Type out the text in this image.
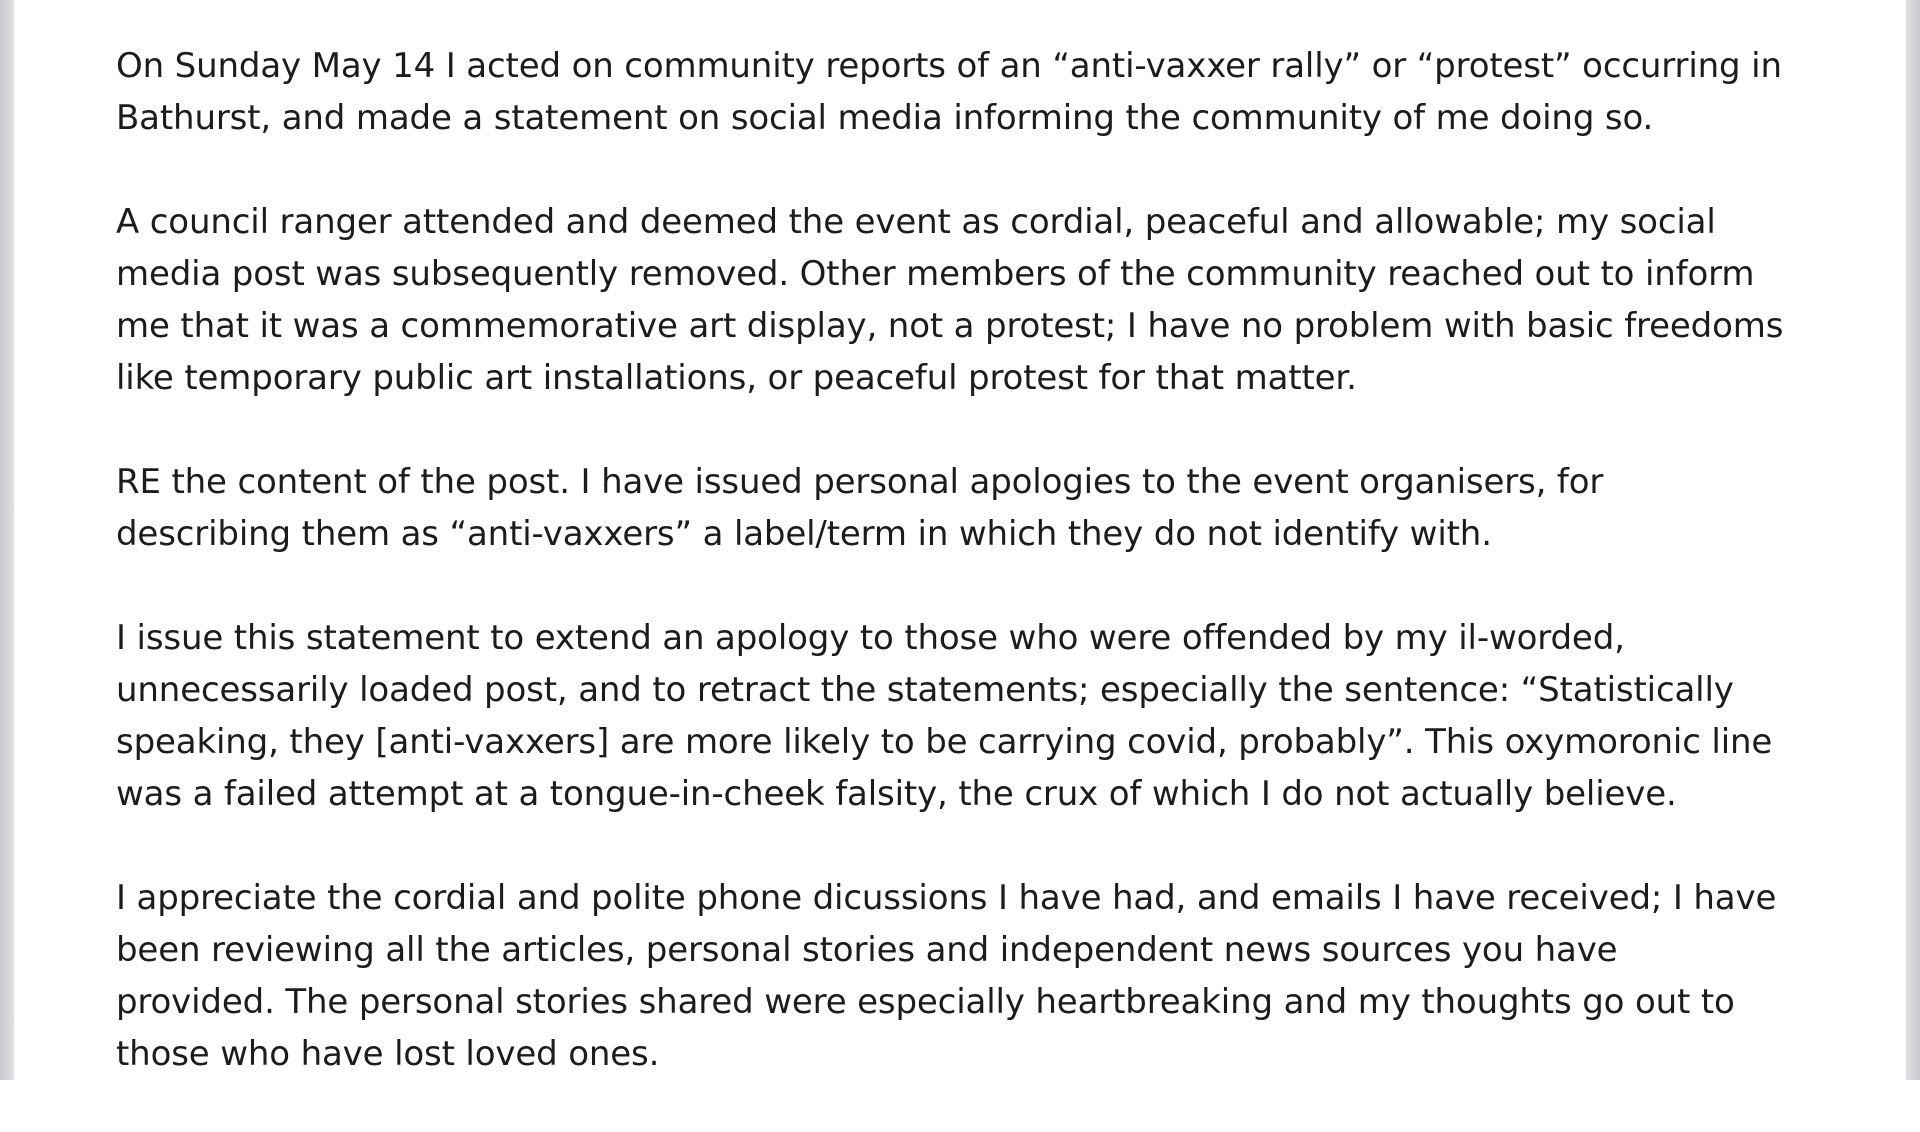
On Sunday May 14 I acted on community reports of an “anti-vaxxer rally” or “protest” occurring in
Bathurst, and made a statement on social media informing the community of me doing so.

A council ranger attended and deemed the event as cordial, peaceful and allowable; my social
media post was subsequently removed. Other members of the community reached out to inform
me that it was a commemorative art display, not a protest; I have no problem with basic freedoms
like temporary public art installations, or peaceful protest for that matter.

RE the content of the post. I have issued personal apologies to the event organisers, for
describing them as “anti-vaxxers” a label/term in which they do not identify with.

I issue this statement to extend an apology to those who were offended by my il-worded,
unnecessarily loaded post, and to retract the statements; especially the sentence: “Statistically
speaking, they [anti-vaxxers] are more likely to be carrying covid, probably”. This oxymoronic line
was a failed attempt at a tongue-in-cheek falsity, the crux of which I do not actually believe.

I appreciate the cordial and polite phone dicussions I have had, and emails I have received; I have
been reviewing all the articles, personal stories and independent news sources you have
provided. The personal stories shared were especially heartbreaking and my thoughts go out to
those who have lost loved ones.
